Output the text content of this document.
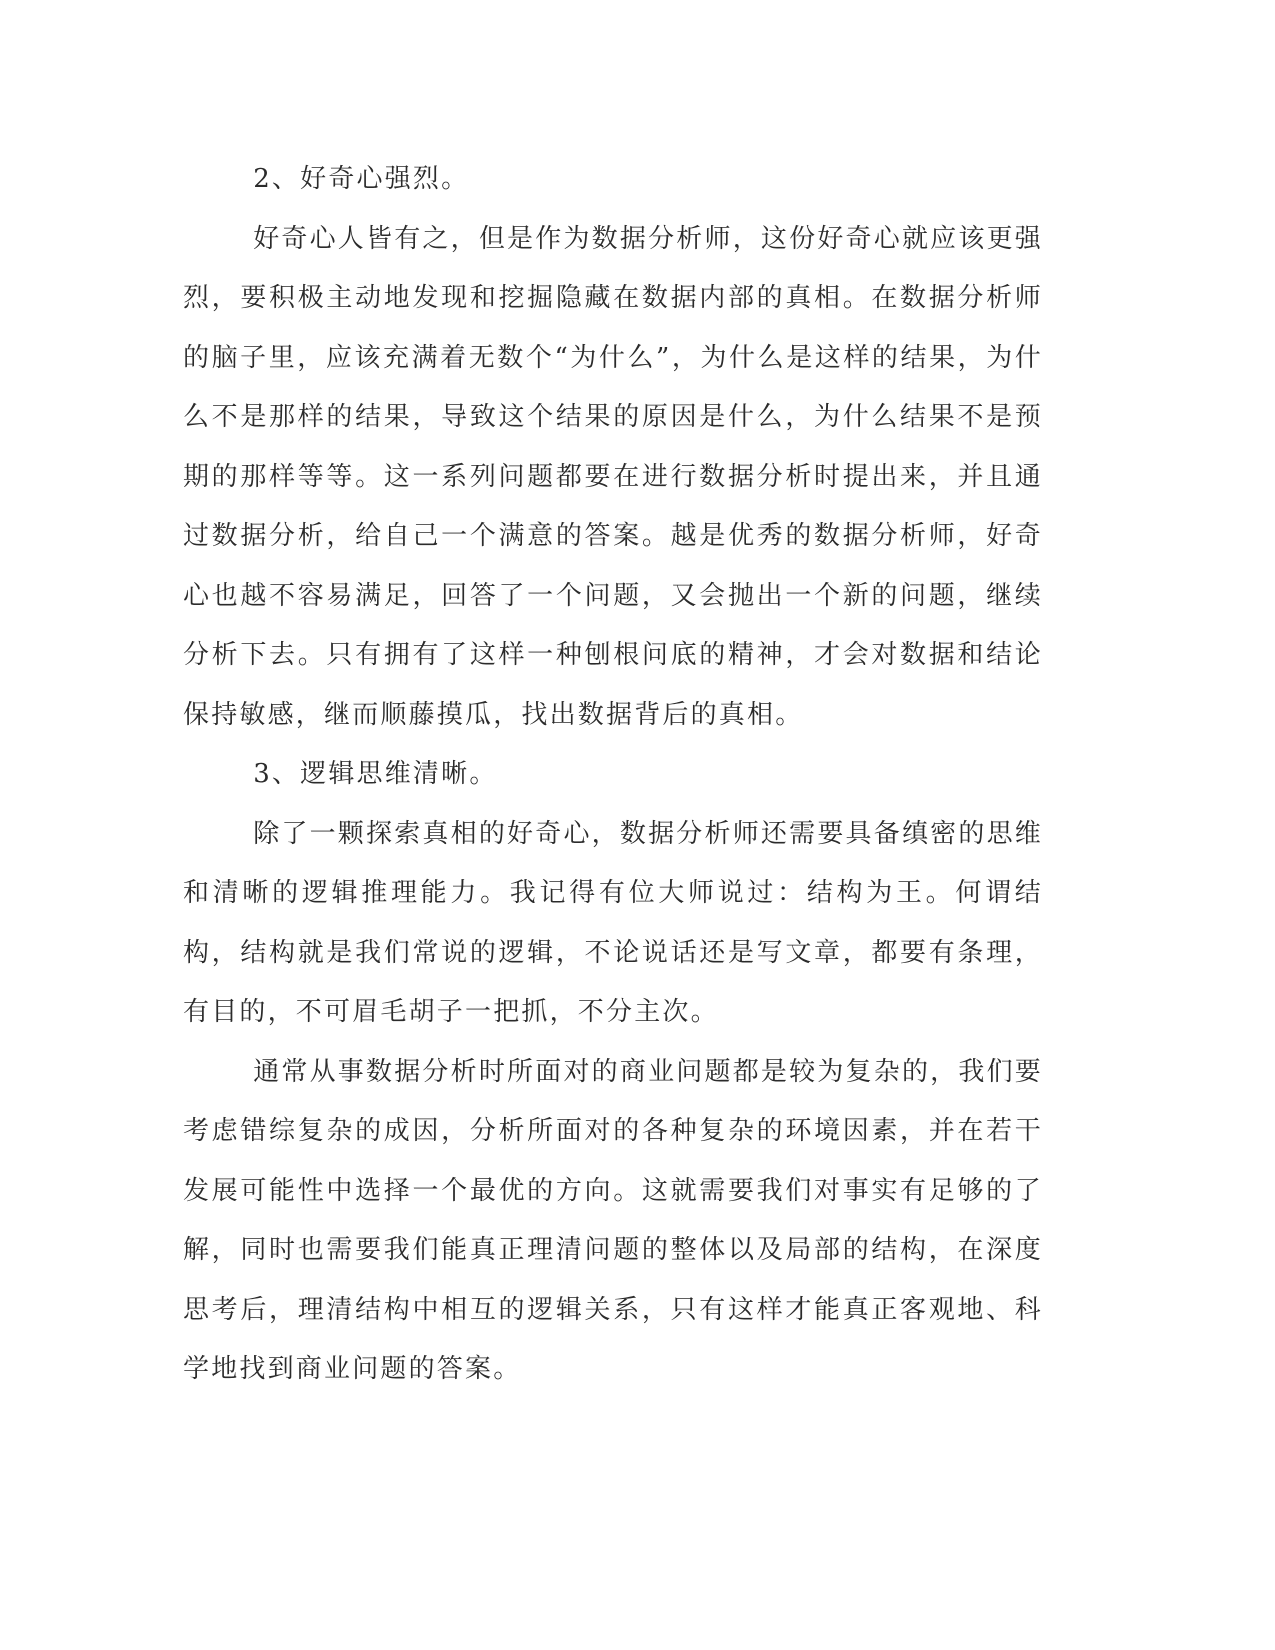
2、好奇心强烈。

好奇心人皆有之，但是作为数据分析师，这份好奇心就应该更强烈，要积极主动地发现和挖掘隐藏在数据内部的真相。在数据分析师的脑子里，应该充满着无数个“为什么”，为什么是这样的结果，为什么不是那样的结果，导致这个结果的原因是什么，为什么结果不是预期的那样等等。这一系列问题都要在进行数据分析时提出来，并且通过数据分析，给自己一个满意的答案。越是优秀的数据分析师，好奇心也越不容易满足，回答了一个问题，又会抛出一个新的问题，继续分析下去。只有拥有了这样一种刨根问底的精神，才会对数据和结论保持敏感，继而顺藤摸瓜，找出数据背后的真相。

3、逻辑思维清晰。

除了一颗探索真相的好奇心，数据分析师还需要具备缜密的思维和清晰的逻辑推理能力。我记得有位大师说过：结构为王。何谓结构，结构就是我们常说的逻辑，不论说话还是写文章，都要有条理，有目的，不可眉毛胡子一把抓，不分主次。

通常从事数据分析时所面对的商业问题都是较为复杂的，我们要考虑错综复杂的成因，分析所面对的各种复杂的环境因素，并在若干发展可能性中选择一个最优的方向。这就需要我们对事实有足够的了解，同时也需要我们能真正理清问题的整体以及局部的结构，在深度思考后，理清结构中相互的逻辑关系，只有这样才能真正客观地、科学地找到商业问题的答案。
